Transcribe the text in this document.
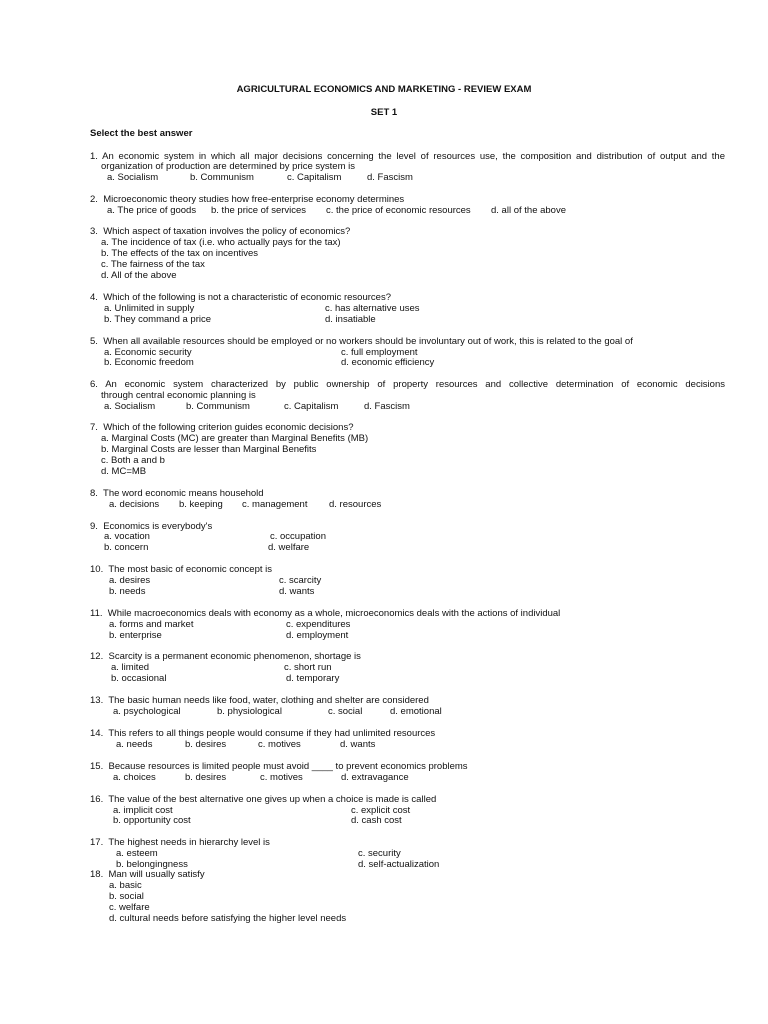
AGRICULTURAL ECONOMICS AND MARKETING - REVIEW EXAM
SET 1
Select the best answer
1. An economic system in which all major decisions concerning the level of resources use, the composition and distribution of output and the
organization of production are determined by price system is
a. Socialism	b. Communism	c. Capitalism	d. Fascism
2.  Microeconomic theory studies how free-enterprise economy determines
a. The price of goods b. the price of services c. the price of economic resources d. all of the above
3.  Which aspect of taxation involves the policy of economics?
a. The incidence of tax (i.e. who actually pays for the tax)
b. The effects of the tax on incentives
c. The fairness of the tax
d. All of the above
4.  Which of the following is not a characteristic of economic resources?
a. Unlimited in supply	c. has alternative uses
b. They command a price	d. insatiable
5.  When all available resources should be employed or no workers should be involuntary out of work, this is related to the goal of
a. Economic security	c. full employment
b. Economic freedom	d. economic efficiency
6. An economic system characterized by public ownership of property resources and collective determination of economic decisions
through central economic planning is
a. Socialism	b. Communism	c. Capitalism	d. Fascism
7.  Which of the following criterion guides economic decisions?
a. Marginal Costs (MC) are greater than Marginal Benefits (MB)
b. Marginal Costs are lesser than Marginal Benefits
c. Both a and b
d. MC=MB
8.  The word economic means household
a. decisions b. keeping c. management d. resources
9.  Economics is everybody's
a. vocation	c. occupation
b. concern	d. welfare
10.  The most basic of economic concept is
a. desires	c. scarcity
b. needs	d. wants
11.  While macroeconomics deals with economy as a whole, microeconomics deals with the actions of individual
a. forms and market	c. expenditures
b. enterprise	d. employment
12.  Scarcity is a permanent economic phenomenon, shortage is
a. limited	c. short run
b. occasional	d. temporary
13.  The basic human needs like food, water, clothing and shelter are considered
a. psychological	b. physiological	c. social	d. emotional
14.  This refers to all things people would consume if they had unlimited resources
a. needs	b. desires	c. motives	d. wants
15.  Because resources is limited people must avoid ____ to prevent economics problems
a. choices	b. desires	c. motives	d. extravagance
16.  The value of the best alternative one gives up when a choice is made is called
a. implicit cost	c. explicit cost
b. opportunity cost	d. cash cost
17.  The highest needs in hierarchy level is
a. esteem	c. security
b. belongingness	d. self-actualization
18.  Man will usually satisfy
a. basic
b. social
c. welfare
d. cultural needs before satisfying the higher level needs
